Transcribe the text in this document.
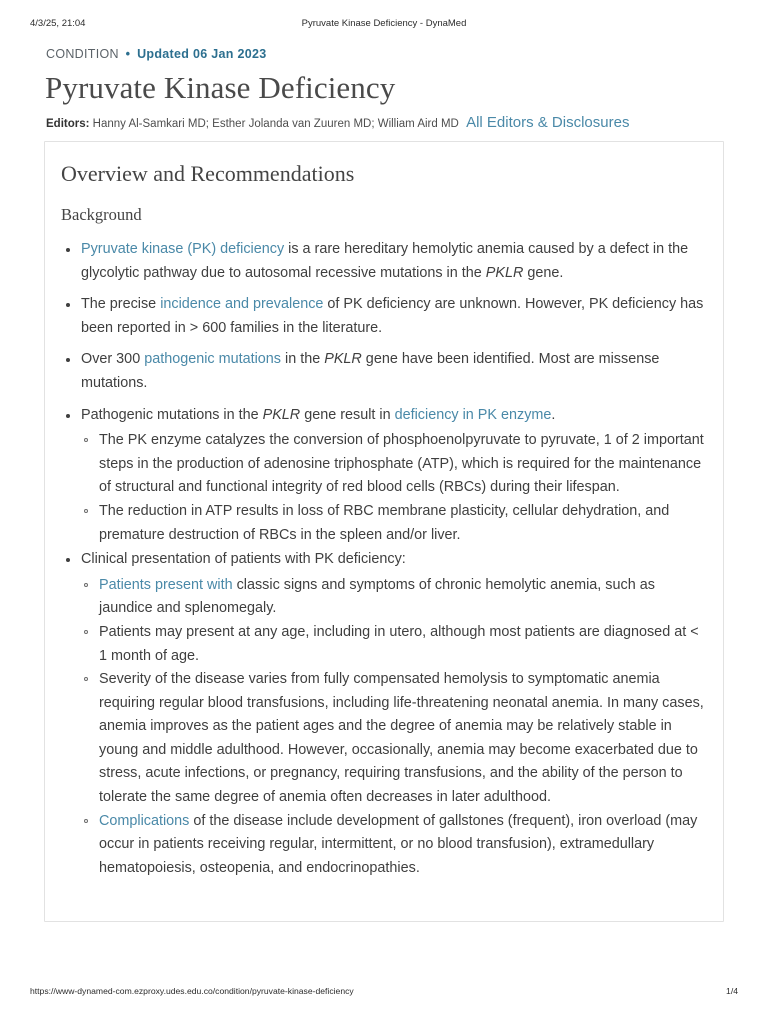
4/3/25, 21:04	Pyruvate Kinase Deficiency - DynaMed
CONDITION • Updated 06 Jan 2023
Pyruvate Kinase Deficiency
Editors: Hanny Al-Samkari MD; Esther Jolanda van Zuuren MD; William Aird MD All Editors & Disclosures
Overview and Recommendations
Background
Pyruvate kinase (PK) deficiency is a rare hereditary hemolytic anemia caused by a defect in the glycolytic pathway due to autosomal recessive mutations in the PKLR gene.
The precise incidence and prevalence of PK deficiency are unknown. However, PK deficiency has been reported in > 600 families in the literature.
Over 300 pathogenic mutations in the PKLR gene have been identified. Most are missense mutations.
Pathogenic mutations in the PKLR gene result in deficiency in PK enzyme.
The PK enzyme catalyzes the conversion of phosphoenolpyruvate to pyruvate, 1 of 2 important steps in the production of adenosine triphosphate (ATP), which is required for the maintenance of structural and functional integrity of red blood cells (RBCs) during their lifespan.
The reduction in ATP results in loss of RBC membrane plasticity, cellular dehydration, and premature destruction of RBCs in the spleen and/or liver.
Clinical presentation of patients with PK deficiency:
Patients present with classic signs and symptoms of chronic hemolytic anemia, such as jaundice and splenomegaly.
Patients may present at any age, including in utero, although most patients are diagnosed at < 1 month of age.
Severity of the disease varies from fully compensated hemolysis to symptomatic anemia requiring regular blood transfusions, including life-threatening neonatal anemia. In many cases, anemia improves as the patient ages and the degree of anemia may be relatively stable in young and middle adulthood. However, occasionally, anemia may become exacerbated due to stress, acute infections, or pregnancy, requiring transfusions, and the ability of the person to tolerate the same degree of anemia often decreases in later adulthood.
Complications of the disease include development of gallstones (frequent), iron overload (may occur in patients receiving regular, intermittent, or no blood transfusion), extramedullary hematopoiesis, osteopenia, and endocrinopathies.
https://www-dynamed-com.ezproxy.udes.edu.co/condition/pyruvate-kinase-deficiency	1/4
